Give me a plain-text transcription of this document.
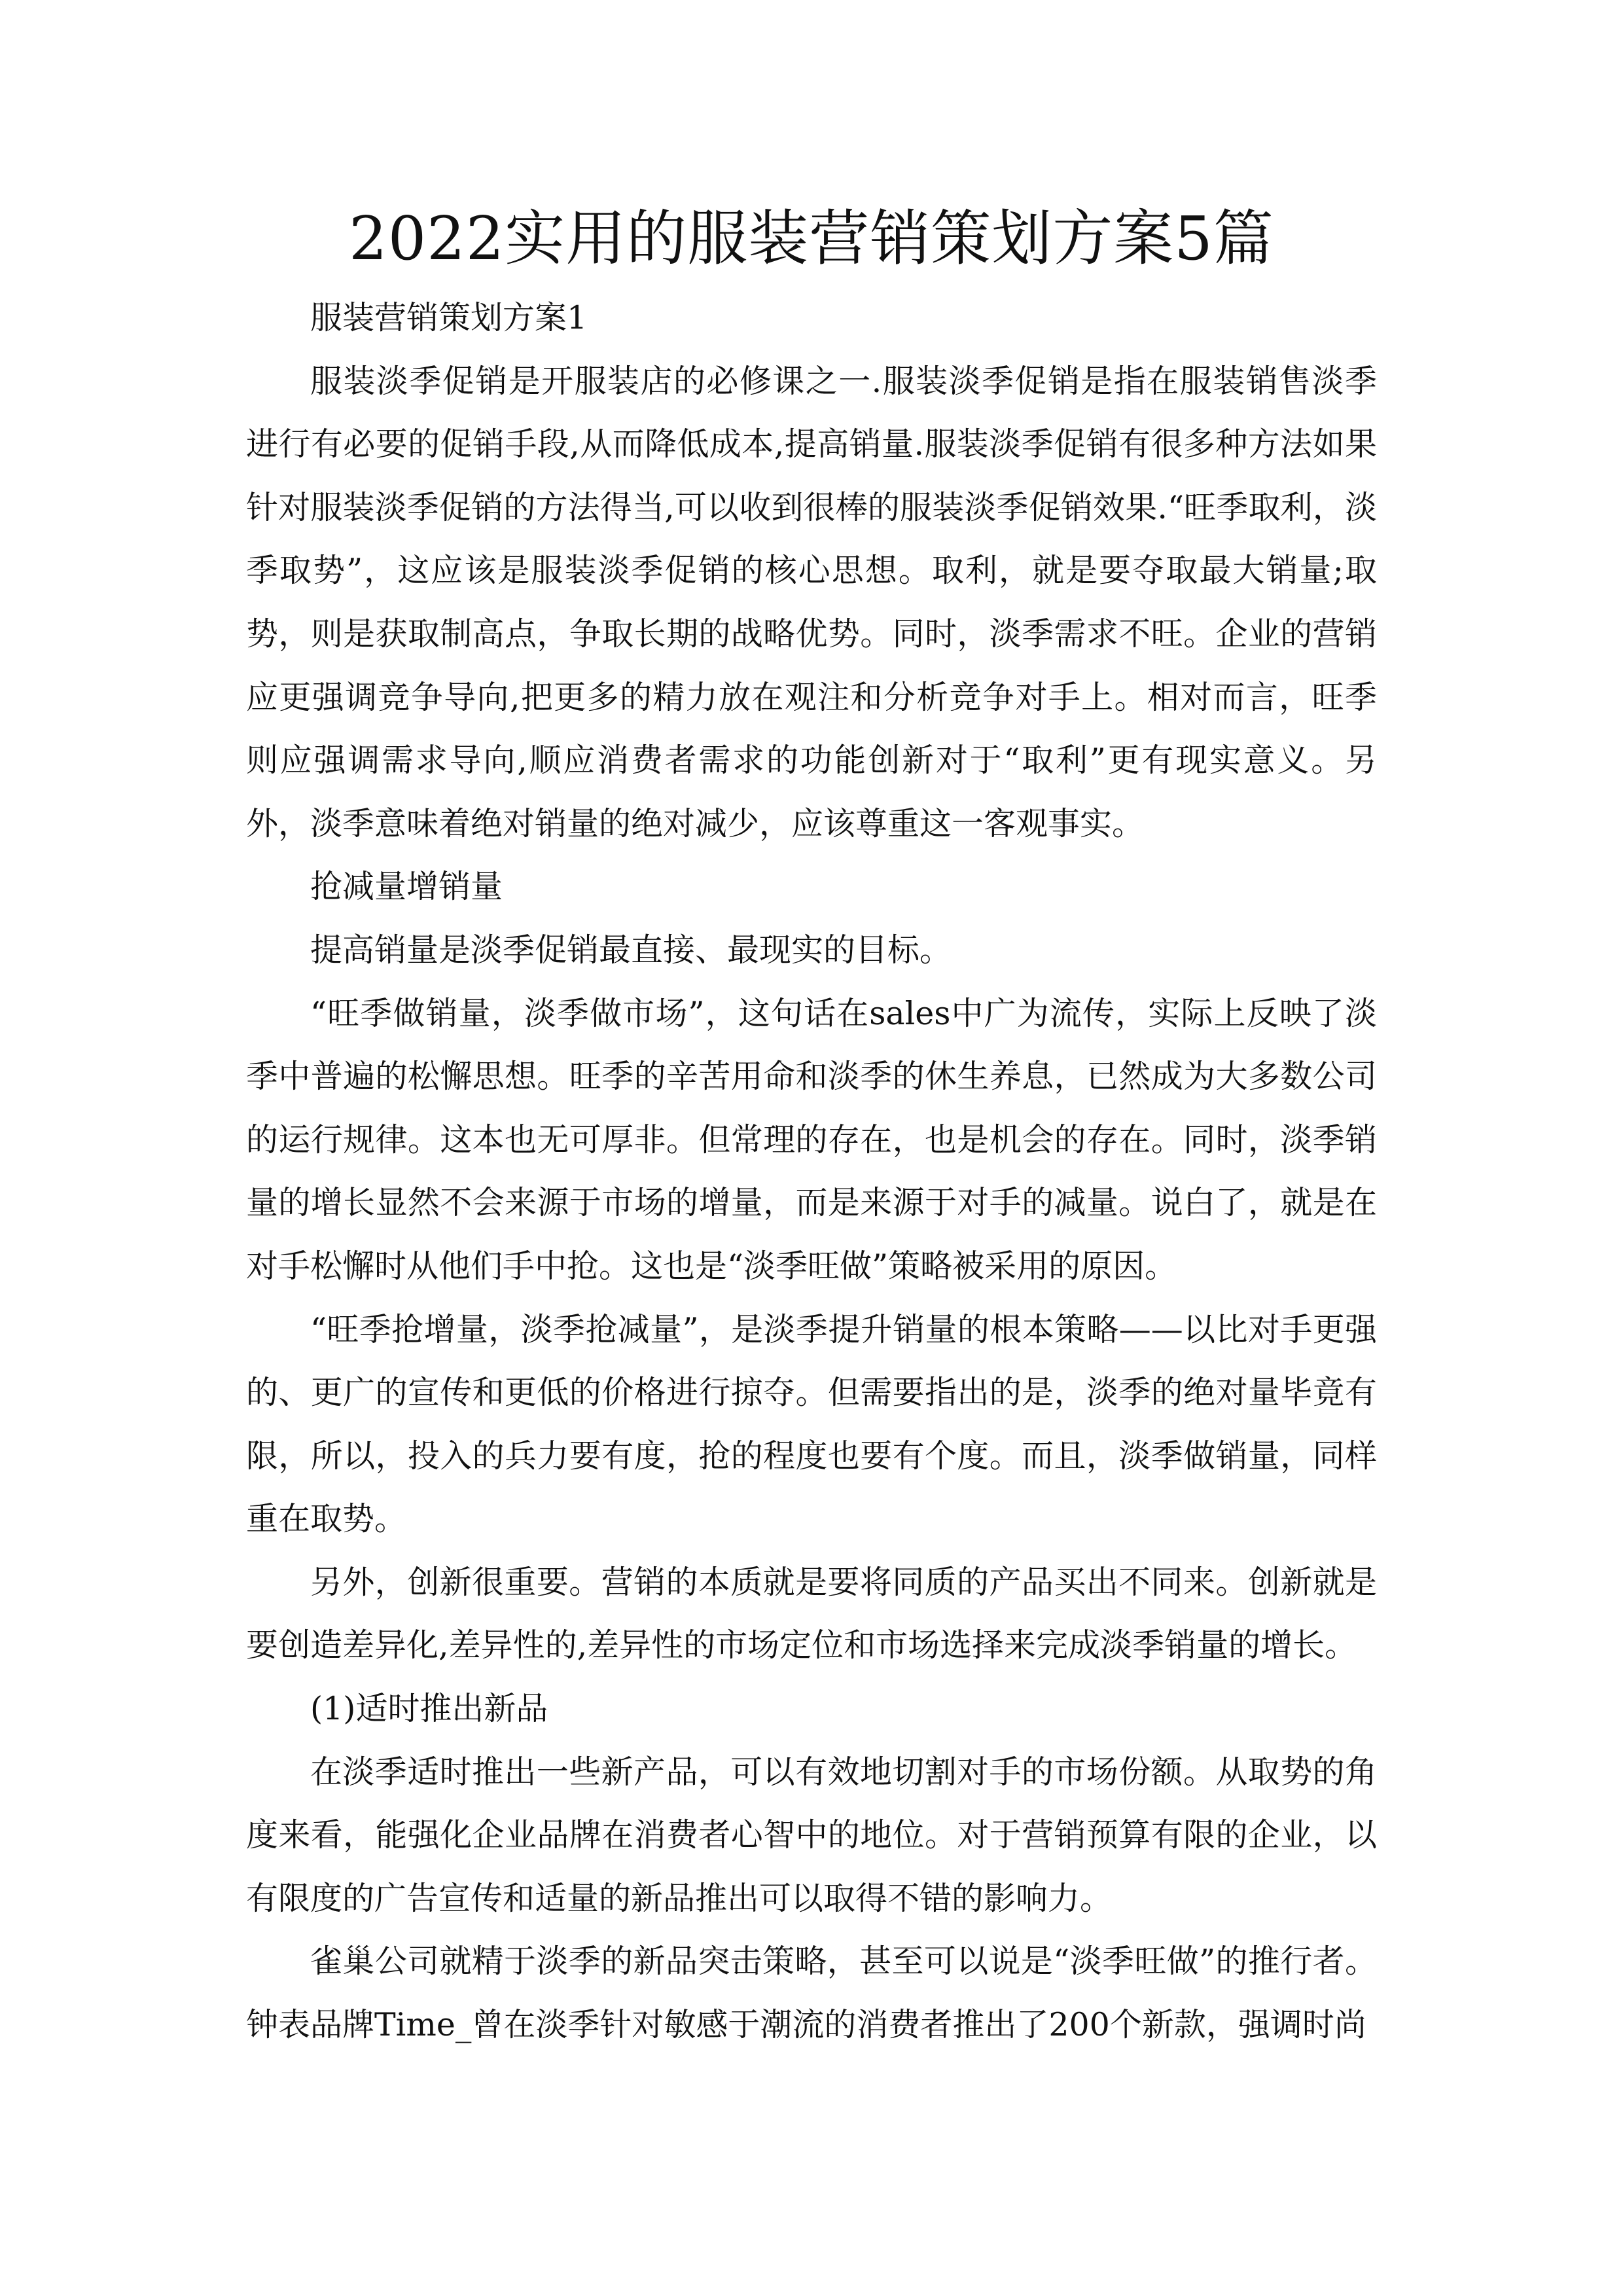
2022实用的服装营销策划方案5篇

服装营销策划方案1

服装淡季促销是开服装店的必修课之一.服装淡季促销是指在服装销售淡季进行有必要的促销手段,从而降低成本,提高销量.服装淡季促销有很多种方法如果针对服装淡季促销的方法得当,可以收到很棒的服装淡季促销效果.“旺季取利，淡季取势”，这应该是服装淡季促销的核心思想。取利，就是要夺取最大销量;取势，则是获取制高点，争取长期的战略优势。同时，淡季需求不旺。企业的营销应更强调竞争导向,把更多的精力放在观注和分析竞争对手上。相对而言，旺季则应强调需求导向,顺应消费者需求的功能创新对于“取利”更有现实意义。另外，淡季意味着绝对销量的绝对减少，应该尊重这一客观事实。

抢减量增销量

提高销量是淡季促销最直接、最现实的目标。

“旺季做销量，淡季做市场”，这句话在sales中广为流传，实际上反映了淡季中普遍的松懈思想。旺季的辛苦用命和淡季的休生养息，已然成为大多数公司的运行规律。这本也无可厚非。但常理的存在，也是机会的存在。同时，淡季销量的增长显然不会来源于市场的增量，而是来源于对手的减量。说白了，就是在对手松懈时从他们手中抢。这也是“淡季旺做”策略被采用的原因。

“旺季抢增量，淡季抢减量”，是淡季提升销量的根本策略——以比对手更强的、更广的宣传和更低的价格进行掠夺。但需要指出的是，淡季的绝对量毕竟有限，所以，投入的兵力要有度，抢的程度也要有个度。而且，淡季做销量，同样重在取势。

另外，创新很重要。营销的本质就是要将同质的产品买出不同来。创新就是要创造差异化,差异性的,差异性的市场定位和市场选择来完成淡季销量的增长。

(1)适时推出新品

在淡季适时推出一些新产品，可以有效地切割对手的市场份额。从取势的角度来看，能强化企业品牌在消费者心智中的地位。对于营销预算有限的企业，以有限度的广告宣传和适量的新品推出可以取得不错的影响力。

雀巢公司就精于淡季的新品突击策略，甚至可以说是“淡季旺做”的推行者。钟表品牌Time_曾在淡季针对敏感于潮流的消费者推出了200个新款，强调时尚
